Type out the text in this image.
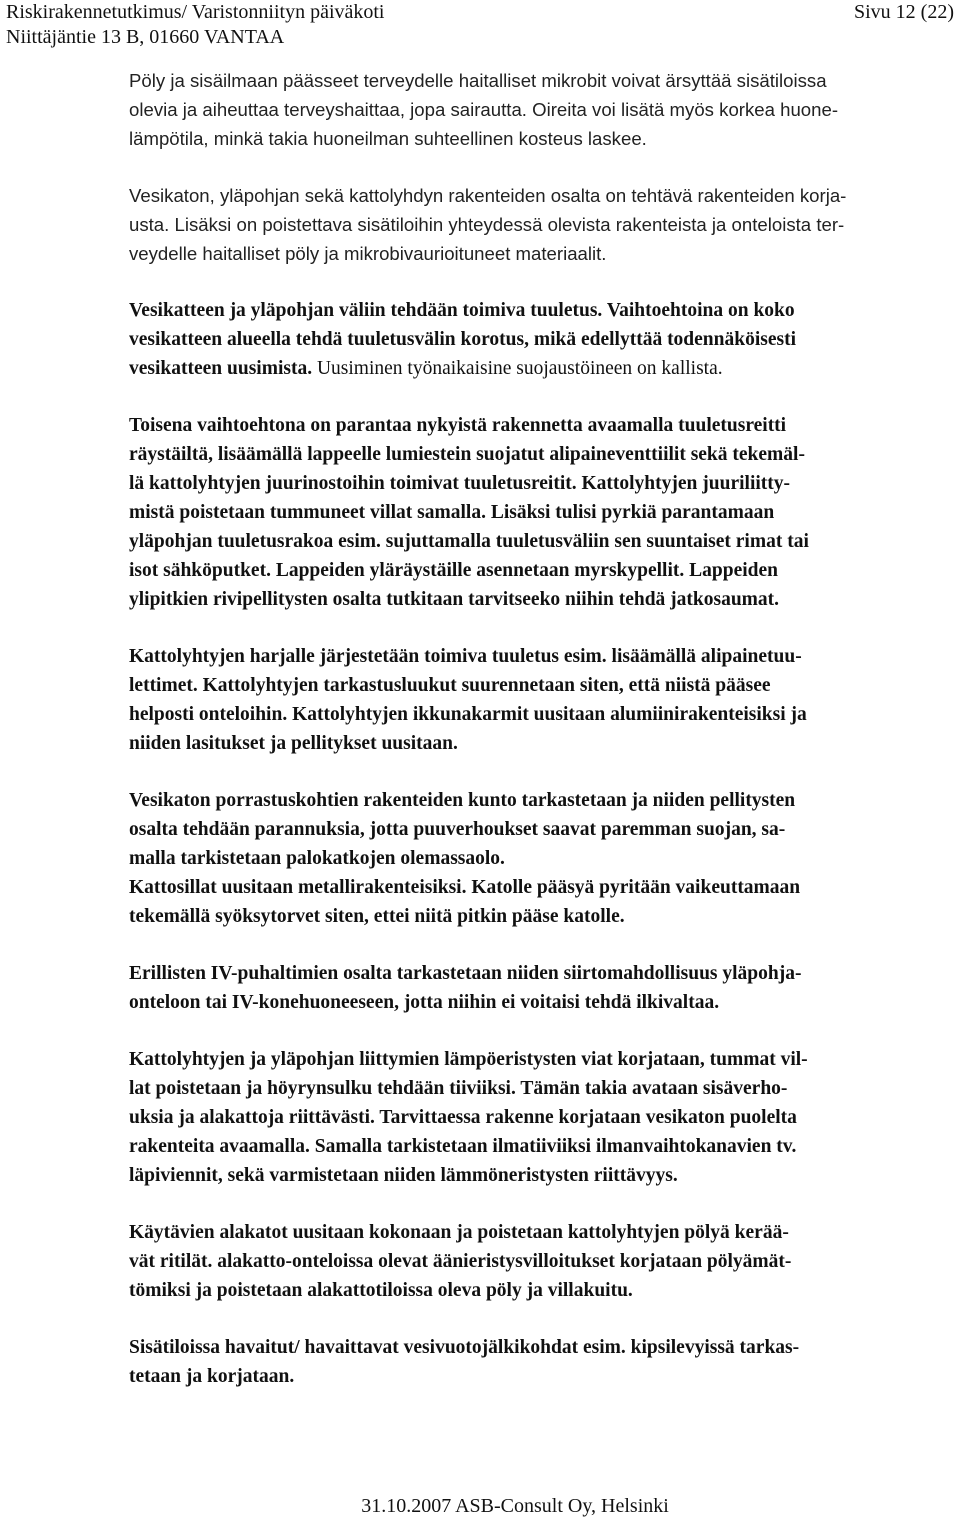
Riskirakennetutkimus/ Varistonniityn päiväkoti	Sivu 12 (22)
Niittäjäntie 13 B, 01660 VANTAA

Pöly ja sisäilmaan päässeet terveydelle haitalliset mikrobit voivat ärsyttää sisätiloissa
olevia ja aiheuttaa terveyshaittaa, jopa sairautta. Oireita voi lisätä myös korkea huone-
lämpötila, minkä takia huoneilman suhteellinen kosteus laskee.

Vesikaton, yläpohjan sekä kattolyhdyn rakenteiden osalta on tehtävä rakenteiden korja-
usta. Lisäksi on poistettava sisätiloihin yhteydessä olevista rakenteista ja onteloista ter-
veydelle haitalliset pöly ja mikrobivaurioituneet materiaalit.

Vesikatteen ja yläpohjan väliin tehdään toimiva tuuletus. Vaihtoehtoina on koko
vesikatteen alueella tehdä tuuletusvälin korotus, mikä edellyttää todennäköisesti
vesikatteen uusimista. Uusiminen työnaikaisine suojaustöineen on kallista.

Toisena vaihtoehtona on parantaa nykyistä rakennetta avaamalla tuuletusreitti
räystäiltä, lisäämällä lappeelle lumiestein suojatut alipaineventtiilit sekä tekemäl-
lä kattolyhtyjen juurinostoihin toimivat tuuletusreitit. Kattolyhtyjen juuriliitty-
mistä poistetaan tummuneet villat samalla. Lisäksi tulisi pyrkiä parantamaan
yläpohjan tuuletusrakoa esim. sujuttamalla tuuletusväliin sen suuntaiset rimat tai
isot sähköputket. Lappeiden yläräystäille asennetaan myrskypellit. Lappeiden
ylipitkien rivipellitysten osalta tutkitaan tarvitseeko niihin tehdä jatkosaumat.

Kattolyhtyjen harjalle järjestetään toimiva tuuletus esim. lisäämällä alipainetuu-
lettimet. Kattolyhtyjen tarkastusluukut suurennetaan siten, että niistä pääsee
helposti onteloihin. Kattolyhtyjen ikkunakarmit uusitaan alumiinirakenteisiksi ja
niiden lasitukset ja pellitykset uusitaan.

Vesikaton porrastuskohtien rakenteiden kunto tarkastetaan ja niiden pellitysten
osalta tehdään parannuksia, jotta puuverhoukset saavat paremman suojan, sa-
malla tarkistetaan palokatkojen olemassaolo.

Kattosillat uusitaan metallirakenteisiksi. Katolle pääsyä pyritään vaikeuttamaan
tekemällä syöksytorvet siten, ettei niitä pitkin pääse katolle.

Erillisten IV-puhaltimien osalta tarkastetaan niiden siirtomahdollisuus yläpohja-
onteloon tai IV-konehuoneeseen, jotta niihin ei voitaisi tehdä ilkivaltaa.

Kattolyhtyjen ja yläpohjan liittymien lämpöeristysten viat korjataan, tummat vil-
lat poistetaan ja höyrynsulku tehdään tiiviiksi. Tämän takia avataan sisäverho-
uksia ja alakattoja riittävästi. Tarvittaessa rakenne korjataan vesikaton puolelta
rakenteita avaamalla. Samalla tarkistetaan ilmatiiviiksi ilmanvaihtokanavien tv.
läpiviennit, sekä varmistetaan niiden lämmöneristysten riittävyys.

Käytävien alakatot uusitaan kokonaan ja poistetaan kattolyhtyjen pölyä kerää-
vät ritilät. alakatto-onteloissa olevat äänieristysvilloitukset korjataan pölyämät-
tömiksi ja poistetaan alakattotiloissa oleva pöly ja villakuitu.

Sisätiloissa havaitut/ havaittavat vesivuotojälkikohdat esim. kipsilevyissä tarkas-
tetaan ja korjataan.

31.10.2007 ASB-Consult Oy, Helsinki
